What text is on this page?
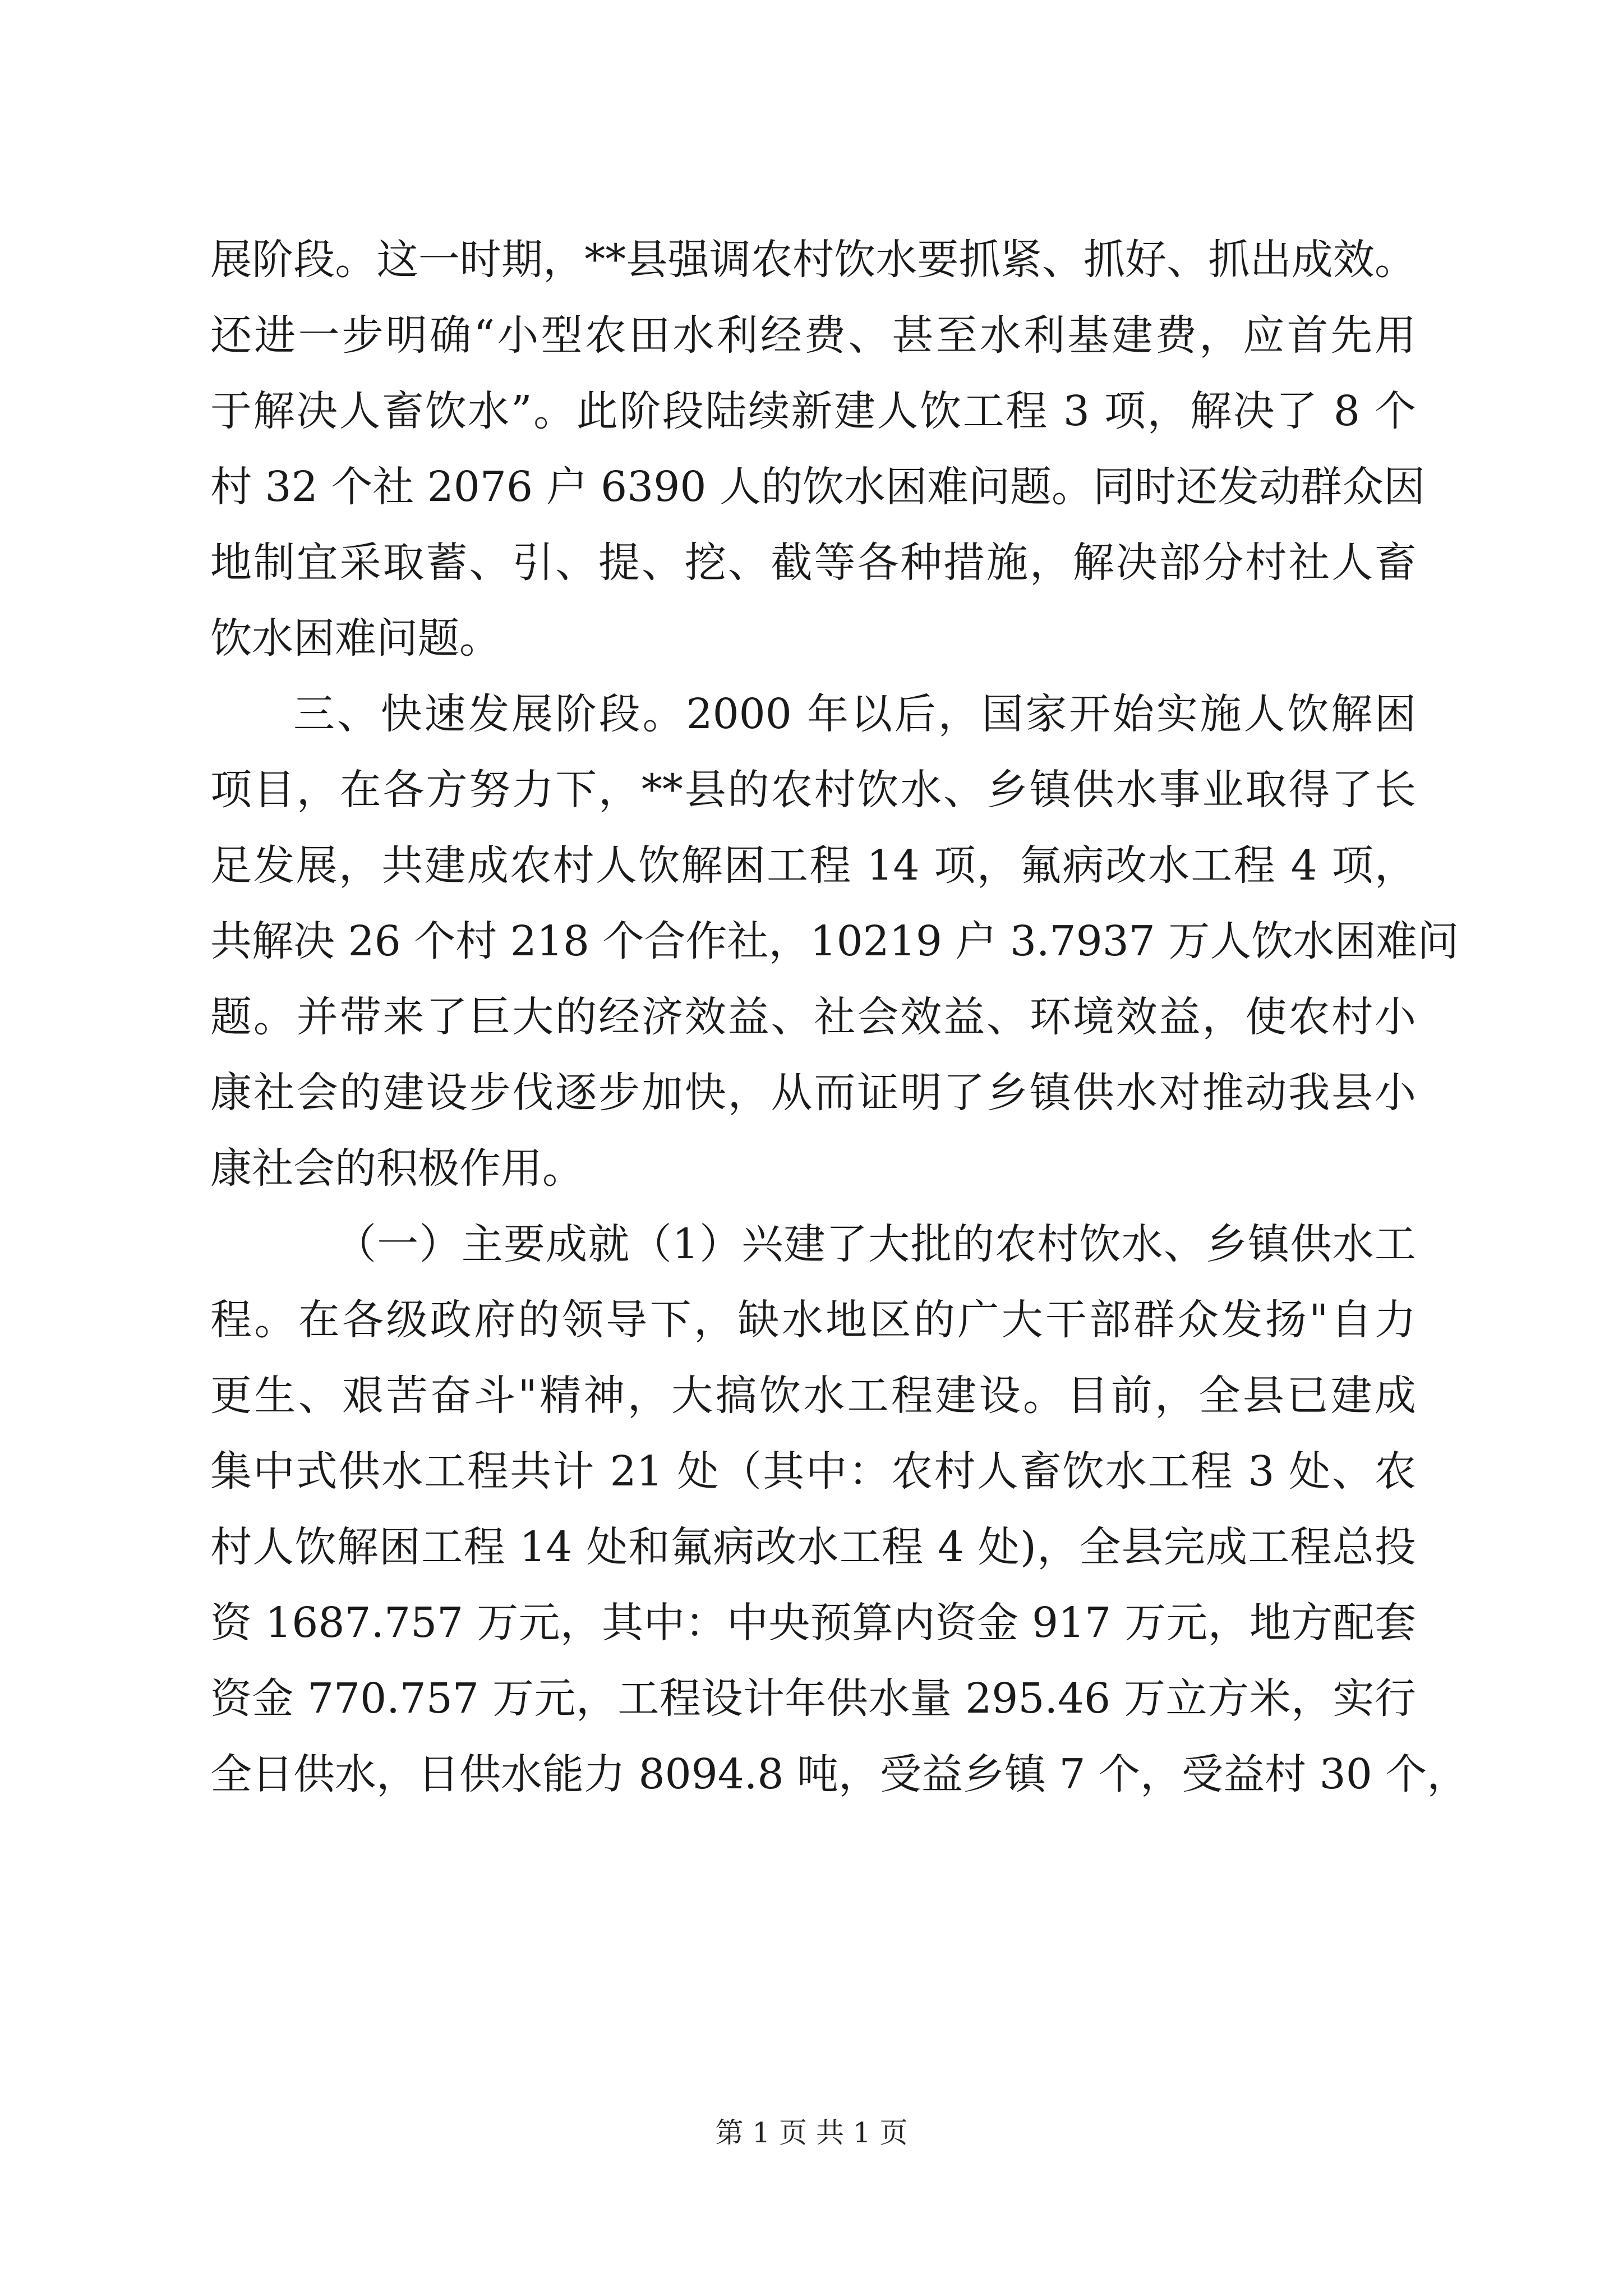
展阶段。这一时期，**县强调农村饮水要抓紧、抓好、抓出成效。
还进一步明确“小型农田水利经费、甚至水利基建费，应首先用
于解决人畜饮水”。此阶段陆续新建人饮工程 3 项，解决了 8 个
村 32 个社 2076 户 6390 人的饮水困难问题。同时还发动群众因
地制宜采取蓄、引、提、挖、截等各种措施，解决部分村社人畜
饮水困难问题。
三、快速发展阶段。2000 年以后，国家开始实施人饮解困
项目，在各方努力下，**县的农村饮水、乡镇供水事业取得了长
足发展，共建成农村人饮解困工程 14 项，氟病改水工程 4 项，
共解决 26 个村 218 个合作社，10219 户 3.7937 万人饮水困难问
题。并带来了巨大的经济效益、社会效益、环境效益，使农村小
康社会的建设步伐逐步加快，从而证明了乡镇供水对推动我县小
康社会的积极作用。
（一）主要成就（1）兴建了大批的农村饮水、乡镇供水工
程。在各级政府的领导下，缺水地区的广大干部群众发扬"自力
更生、艰苦奋斗"精神，大搞饮水工程建设。目前，全县已建成
集中式供水工程共计 21 处（其中：农村人畜饮水工程 3 处、农
村人饮解困工程 14 处和氟病改水工程 4 处)，全县完成工程总投
资 1687.757 万元，其中：中央预算内资金 917 万元，地方配套
资金 770.757 万元，工程设计年供水量 295.46 万立方米，实行
全日供水，日供水能力 8094.8 吨，受益乡镇 7 个，受益村 30 个，
第 1 页 共 1 页
